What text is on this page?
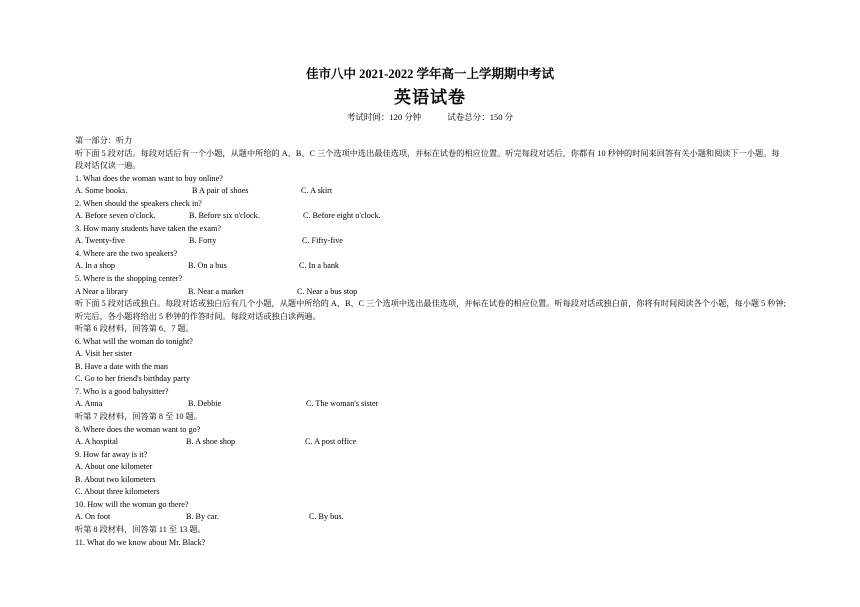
佳市八中 2021-2022 学年高一上学期期中考试
英语试卷
考试时间：120 分钟	试卷总分：150 分
第一部分：听力
听下面 5 段对话。每段对话后有一个小题，从题中所给的 A、B、C 三个选项中选出最佳选项，并标在试卷的相应位置。听完每段对话后，你都有 10 秒钟的时间来回答有关小题和阅读下一小题。每段对话仅读一遍。
1. What does the woman want to buy online?
A. Some books.	B A pair of shoes	C. A skirt
2. When should the speakers check in?
A. Before seven o'clock.	B. Before six o'clock.	C. Before eight o'clock.
3. How many students have taken the exam?
A. Twenty-five	B. Forty	C. Fifty-five
4. Where are the two speakers?
A. In a shop	B. On a bus	C. In a bank
5. Where is the shopping center?
A Near a library	B. Near a market	C. Near a bus stop
听下面 5 段对话或独白。每段对话或独白后有几个小题，从题中所给的 A、B、C 三个选项中选出最佳选项，并标在试卷的相应位置。听每段对话或独白前，你将有时间阅读各个小题，每小题 5 秒钟;听完后，各小题将给出 5 秒钟的作答时间。每段对话或独白读两遍。
听第 6 段材料，回答第 6、7 题。
6. What will the woman do tonight?
A. Visit her sister
B. Have a date with the man
C. Go to her friend's birthday party
7. Who is a good babysitter?
A. Anna	B. Debbie	C. The woman's sister
听第 7 段材料，回答第 8 至 10 题。
8. Where does the woman want to go?
A. A hospital	B. A shoe shop	C. A post office
9. How far away is it?
A. About one kilometer
B. About two kilometers
C. About three kilometers
10. How will the woman go there?
A. On foot	B. By car.	C. By bus.
听第 8 段材料，回答第 11 至 13 题。
11. What do we know about Mr. Black?
